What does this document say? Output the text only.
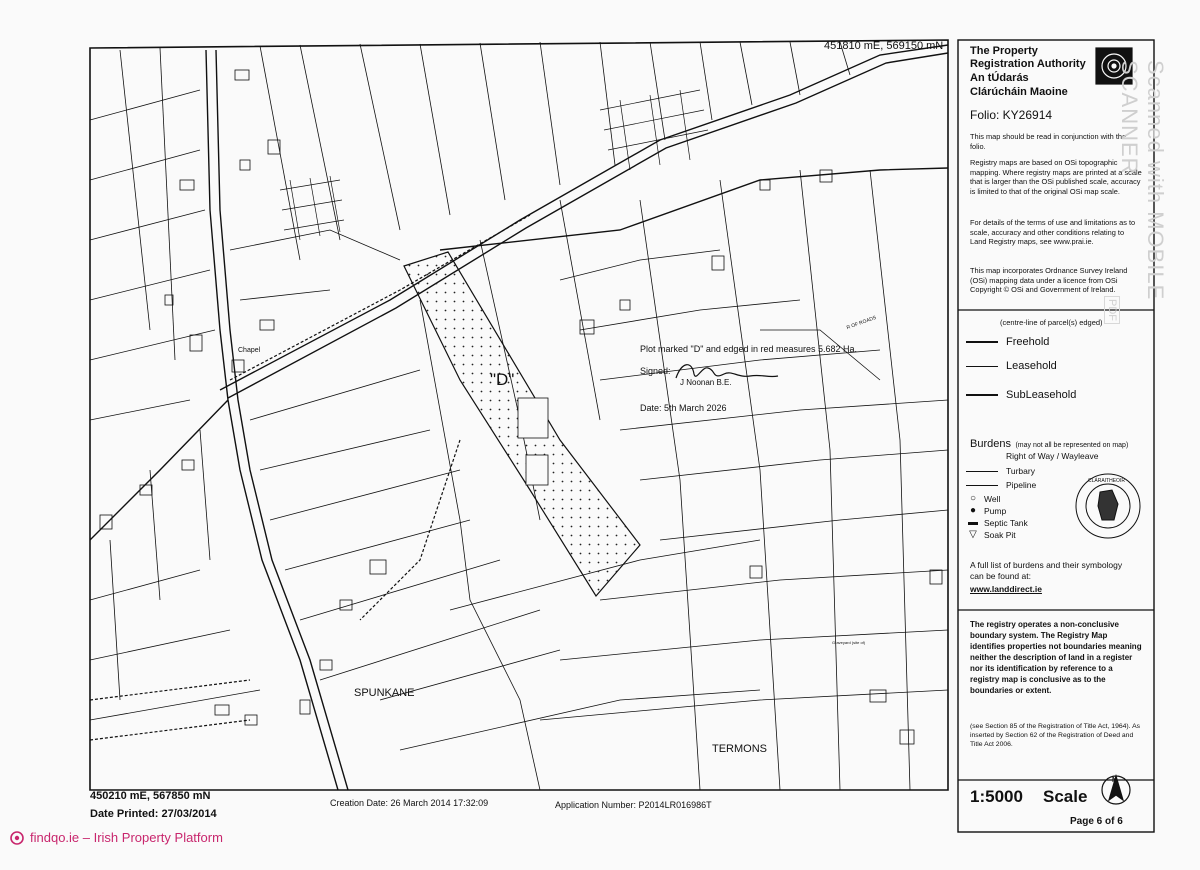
451810 mE, 569150 mN
450210 mE, 567850 mN
Date Printed: 27/03/2014
Creation Date: 26 March 2014 17:32:09	Application Number: P2014LR016986T
Chapel
"D"
SPUNKANE
TERMONS
R OF ROADS
Graveyard (site of)
Plot marked "D" and edged in red measures 5.682 Ha.
Signed:
J Noonan B.E.
Date: 5th March 2026
The Property
Registration Authority
An tÚdarás
Clárúcháin Maoine
Folio: KY26914
This map should be read in conjunction with the folio.
Registry maps are based on OSi topographic mapping. Where registry maps are printed at a scale that is larger than the OSi published scale, accuracy is limited to that of the original OSi map scale.
For details of the terms of use and limitations as to scale, accuracy and other conditions relating to Land Registry maps, see www.prai.ie.
This map incorporates Ordnance Survey Ireland (OSi) mapping data under a licence from OSi Copyright © OSi and Government of Ireland.
(centre-line of parcel(s) edged)
Freehold
Leasehold
SubLeasehold
Burdens (may not all be represented on map)
Right of Way / Wayleave
Turbary
Pipeline
○ Well
● Pump
▬ Septic Tank
▽ Soak Pit
CLÁRAITHEOIR
A full list of burdens and their symbology can be found at:
www.landdirect.ie
The registry operates a non-conclusive boundary system. The Registry Map identifies properties not boundaries meaning neither the description of land in a register nor its identification by reference to a registry map is conclusive as to the boundaries or extent.
(see Section 85 of the Registration of Title Act, 1964). As inserted by Section 62 of the Registration of Deed and Title Act 2006.
1:5000 Scale
N
Page 6 of 6
Scanned with MOBILE SCANNER
PDF
findqo.ie – Irish Property Platform
